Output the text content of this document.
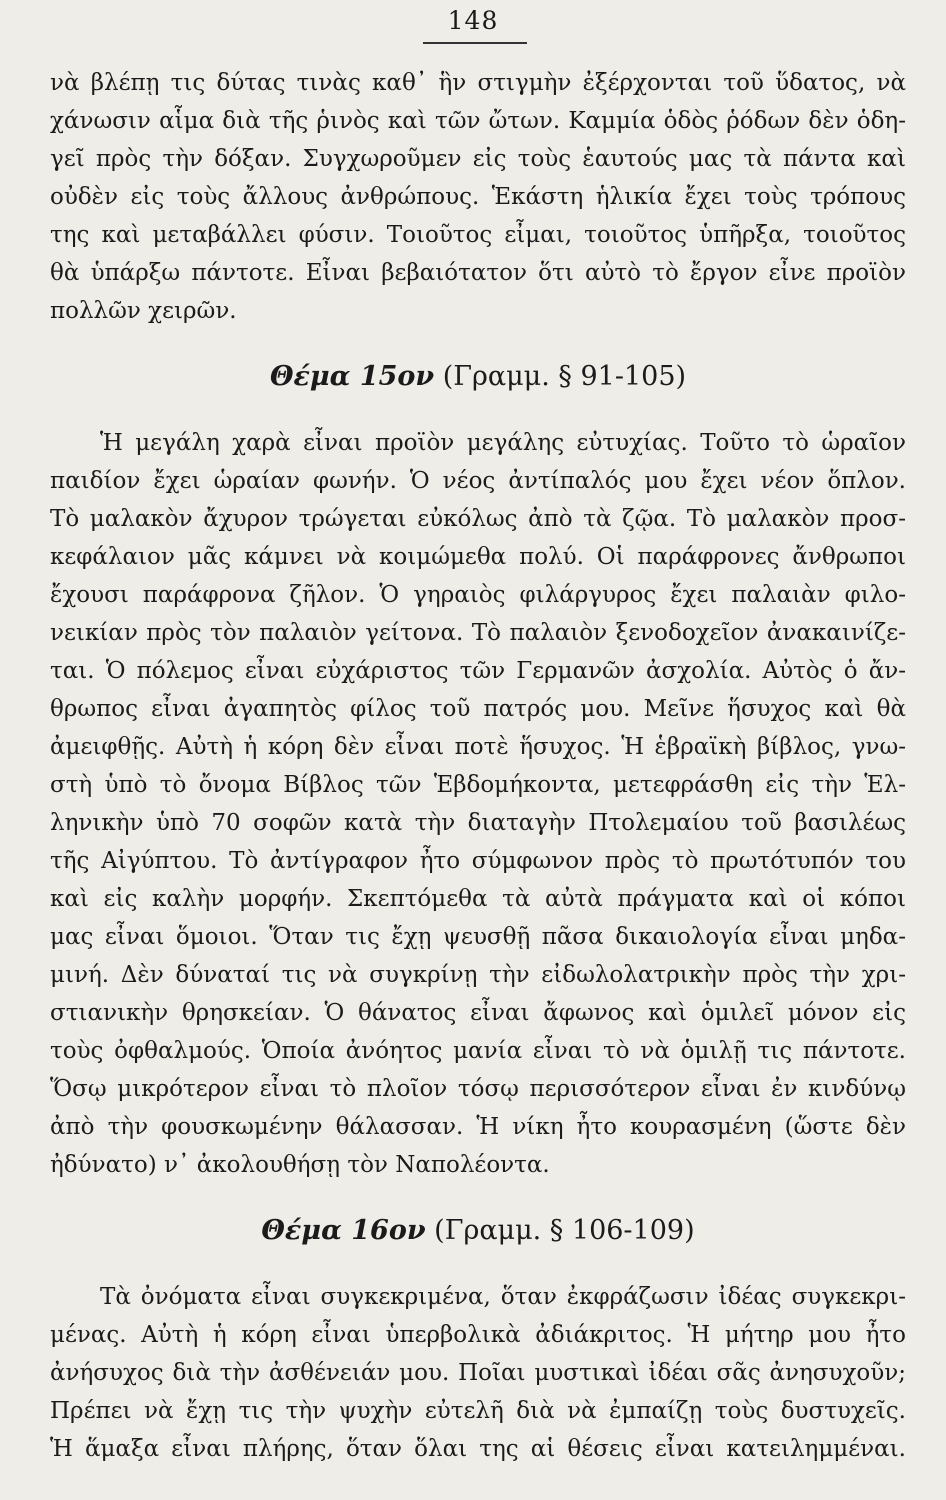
148
νὰ βλέπῃ τις δύτας τινὰς καθ᾽ ἣν στιγμὴν ἐξέρχονται τοῦ ὕδατος, νὰ
χάνωσιν αἷμα διὰ τῆς ῥινὸς καὶ τῶν ὤτων. Καμμία ὁδὸς ῥόδων δὲν ὁδη-
γεῖ πρὸς τὴν δόξαν. Συγχωροῦμεν εἰς τοὺς ἑαυτούς μας τὰ πάντα καὶ
οὐδὲν εἰς τοὺς ἄλλους ἀνθρώπους. Ἑκάστη ἡλικία ἔχει τοὺς τρόπους
της καὶ μεταβάλλει φύσιν. Τοιοῦτος εἶμαι, τοιοῦτος ὑπῆρξα, τοιοῦτος
θὰ ὑπάρξω πάντοτε. Εἶναι βεβαιότατον ὅτι αὐτὸ τὸ ἔργον εἶνε προϊὸν
πολλῶν χειρῶν.
Θέμα 15ον (Γραμμ. § 91-105)
Ἡ μεγάλη χαρὰ εἶναι προϊὸν μεγάλης εὐτυχίας. Τοῦτο τὸ ὡραῖον
παιδίον ἔχει ὡραίαν φωνήν. Ὁ νέος ἀντίπαλός μου ἔχει νέον ὅπλον.
Τὸ μαλακὸν ἄχυρον τρώγεται εὐκόλως ἀπὸ τὰ ζῷα. Τὸ μαλακὸν προσ-
κεφάλαιον μᾶς κάμνει νὰ κοιμώμεθα πολύ. Οἱ παράφρονες ἄνθρωποι
ἔχουσι παράφρονα ζῆλον. Ὁ γηραιὸς φιλάργυρος ἔχει παλαιὰν φιλο-
νεικίαν πρὸς τὸν παλαιὸν γείτονα. Τὸ παλαιὸν ξενοδοχεῖον ἀνακαινίζε-
ται. Ὁ πόλεμος εἶναι εὐχάριστος τῶν Γερμανῶν ἀσχολία. Αὐτὸς ὁ ἄν-
θρωπος εἶναι ἀγαπητὸς φίλος τοῦ πατρός μου. Μεῖνε ἥσυχος καὶ θὰ
ἀμειφθῇς. Αὐτὴ ἡ κόρη δὲν εἶναι ποτὲ ἥσυχος. Ἡ ἑβραϊκὴ βίβλος, γνω-
στὴ ὑπὸ τὸ ὄνομα Βίβλος τῶν Ἑβδομήκοντα, μετεφράσθη εἰς τὴν Ἑλ-
ληνικὴν ὑπὸ 70 σοφῶν κατὰ τὴν διαταγὴν Πτολεμαίου τοῦ βασιλέως
τῆς Αἰγύπτου. Τὸ ἀντίγραφον ἦτο σύμφωνον πρὸς τὸ πρωτότυπόν του
καὶ εἰς καλὴν μορφήν. Σκεπτόμεθα τὰ αὐτὰ πράγματα καὶ οἱ κόποι
μας εἶναι ὅμοιοι. Ὅταν τις ἔχῃ ψευσθῇ πᾶσα δικαιολογία εἶναι μηδα-
μινή. Δὲν δύναταί τις νὰ συγκρίνῃ τὴν εἰδωλολατρικὴν πρὸς τὴν χρι-
στιανικὴν θρησκείαν. Ὁ θάνατος εἶναι ἄφωνος καὶ ὁμιλεῖ μόνον εἰς
τοὺς ὀφθαλμούς. Ὁποία ἀνόητος μανία εἶναι τὸ νὰ ὁμιλῇ τις πάντοτε.
Ὅσῳ μικρότερον εἶναι τὸ πλοῖον τόσῳ περισσότερον εἶναι ἐν κινδύνῳ
ἀπὸ τὴν φουσκωμένην θάλασσαν. Ἡ νίκη ἦτο κουρασμένη (ὥστε δὲν
ἠδύνατο) ν᾽ ἀκολουθήσῃ τὸν Ναπολέοντα.
Θέμα 16ον (Γραμμ. § 106-109)
Τὰ ὀνόματα εἶναι συγκεκριμένα, ὅταν ἐκφράζωσιν ἰδέας συγκεκρι-
μένας. Αὐτὴ ἡ κόρη εἶναι ὑπερβολικὰ ἀδιάκριτος. Ἡ μήτηρ μου ἦτο
ἀνήσυχος διὰ τὴν ἀσθένειάν μου. Ποῖαι μυστικαὶ ἰδέαι σᾶς ἀνησυχοῦν;
Πρέπει νὰ ἔχῃ τις τὴν ψυχὴν εὐτελῆ διὰ νὰ ἐμπαίζῃ τοὺς δυστυχεῖς.
Ἡ ἅμαξα εἶναι πλήρης, ὅταν ὅλαι της αἱ θέσεις εἶναι κατειλημμέναι.
